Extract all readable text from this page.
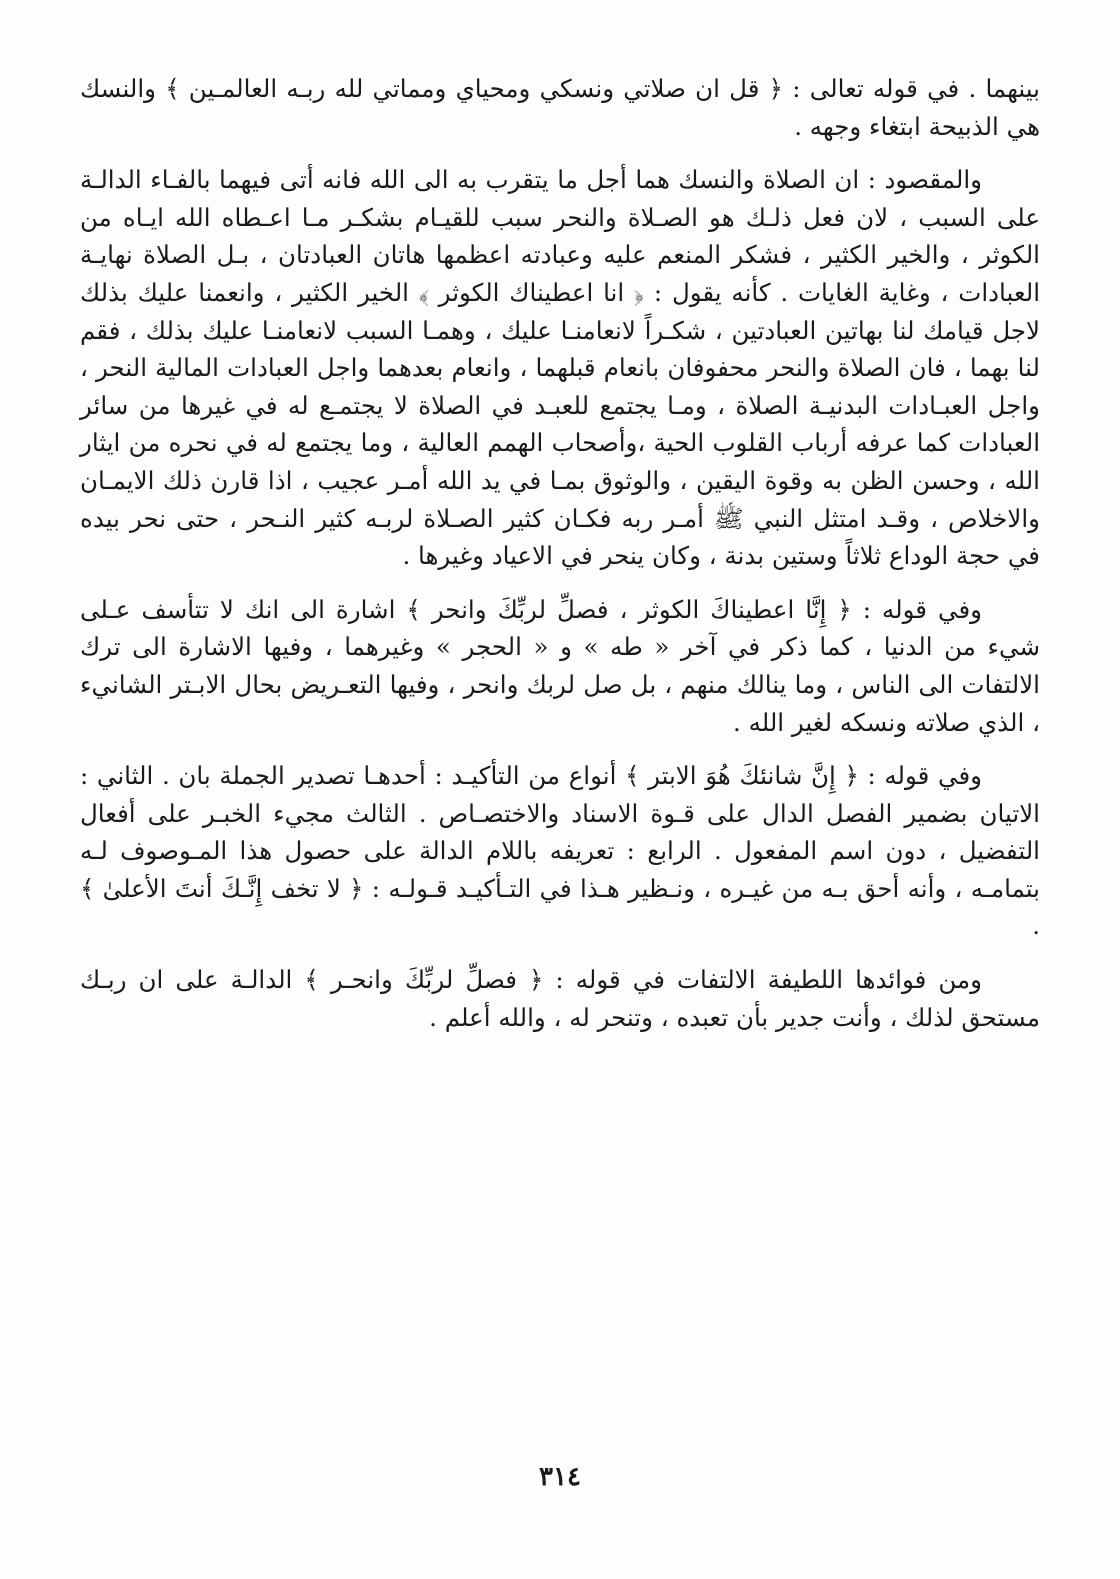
بينهما . في قوله تعالى : ﴿ قل ان صلاتي ونسكي ومحياي ومماتي لله ربـه العالمـين ﴾ والنسك هي الذبيحة ابتغاء وجهه .

والمقصود : ان الصلاة والنسك هما أجل ما يتقرب به الى الله فانه أتى فيهما بالفـاء الدالـة على السبب ، لان فعل ذلـك هو الصـلاة والنحر سبب للقيـام بشكـر مـا اعـطاه الله ايـاه من الكوثر ، والخير الكثير ، فشكر المنعم عليه وعبادته اعظمها هاتان العبادتان ، بـل الصلاة نهايـة العبادات ، وغاية الغايات . كأنه يقول : ﴿ انا اعطيناك الكوثر ﴾ الخير الكثير ، وانعمنا عليك بذلك لاجل قيامك لنا بهاتين العبادتين ، شكـراً لانعامنـا عليك ، وهمـا السبب لانعامنـا عليك بذلك ، فقم لنا بهما ، فان الصلاة والنحر محفوفان بانعام قبلهما ، وانعام بعدهما واجل العبادات المالية النحر ، واجل العبـادات البدنيـة الصلاة ، ومـا يجتمع للعبـد في الصلاة لا يجتمـع له في غيرها من سائر العبادات كما عرفه أرباب القلوب الحية ،وأصحاب الهمم العالية ، وما يجتمع له في نحره من ايثار الله ، وحسن الظن به وقوة اليقين ، والوثوق بمـا في يد الله أمـر عجيب ، اذا قارن ذلك الايمـان والاخلاص ، وقـد امتثل النبي ﷺ أمـر ربه فكـان كثير الصـلاة لربـه كثير النـحر ، حتى نحر بيده في حجة الوداع ثلاثاً وستين بدنة ، وكان ينحر في الاعياد وغيرها .

وفي قوله : ﴿ إِنَّا اعطيناكَ الكوثر ، فصلِّ لربِّكَ وانحر ﴾ اشارة الى انك لا تتأسف عـلى شيء من الدنيا ، كما ذكر في آخر « طه » و « الحجر » وغيرهما ، وفيها الاشارة الى ترك الالتفات الى الناس ، وما ينالك منهم ، بل صل لربك وانحر ، وفيها التعـريض بحال الابـتر الشانيء ، الذي صلاته ونسكه لغير الله .

وفي قوله : ﴿ إِنَّ شانئكَ هُوَ الابتر ﴾ أنواع من التأكيـد : أحدهـا تصدير الجملة بان . الثاني : الاتيان بضمير الفصل الدال على قـوة الاسناد والاختصـاص . الثالث مجيء الخبـر على أفعال التفضيل ، دون اسم المفعول . الرابع : تعريفه باللام الدالة على حصول هذا المـوصوف لـه بتمامـه ، وأنه أحق بـه من غيـره ، ونـظير هـذا في التـأكيـد قـولـه : ﴿ لا تخف إِنَّـكَ أنتَ الأعلىٰ ﴾ .

ومن فوائدها اللطيفة الالتفات في قوله : ﴿ فصلِّ لربِّكَ وانحـر ﴾ الدالـة على ان ربـك مستحق لذلك ، وأنت جدير بأن تعبده ، وتنحر له ، والله أعلم .

٣١٤
